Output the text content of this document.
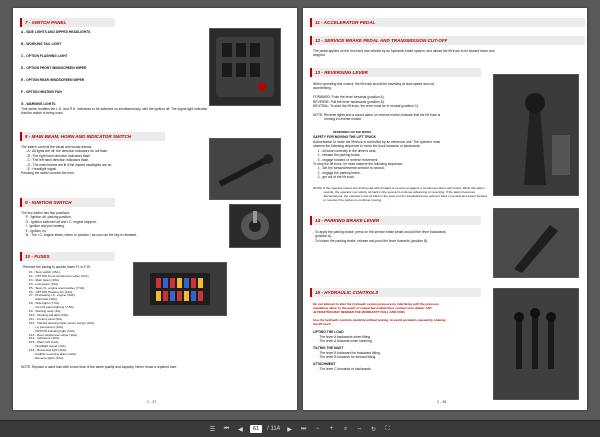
7 - SWITCH PANEL
A - SIDE LIGHTS AND DIPPED HEADLIGHTS
B - WORKING TAIL LIGHT
C - OPTION FLASHING LIGHT
D - OPTION FRONT WINDSCREEN WIPER
E - OPTION REAR WINDSCREEN WIPER
F - OPTION HEATING FAN
G - WARNING LIGHTS
This switch enables the L.H. and R.H. indicators to be switched on simultaneously, with the ignition off. The signal light indicates
that the switch is being used.
8 - MAIN BEAM, HORN AND INDICATOR SWITCH
The switch controls the visual and sound alarms.
- A : All lights are off, the direction indicators do not flash.
- B : The right hand direction indicators flash.
- C : The left hand direction indicators flash.
- D : The main beams are lit if the dipped headlights are on.
- E : Headlight signal.
Pressing the switch sounds the horn.
9 - IGNITION SWITCH
The key switch has five positions:
P - Ignition off, parking position.
O - Ignition switched off and I.C. engine stopped.
I - Ignition and pre-heating.
II - Ignition on.
III - The I.C. engine starts; return to position I as soon as the key is released.
10 - FUSES
- Remove the casing to access fuses F1 to F19.
F1 - Stop switch (15A).
F2 - OPTION Front windscreen wiper (10A).
F3 - Main beam (15A).
F4 - Low beam (15A).
F5 - Stop I.C. engine electrovalve (7.5A).
F6 - OPTION Heating fan (10A).
F7 - Preheating I.C. engine (30A).
- Alternator (20A).
F8 - Side lights (7.5A).
- Control panel lighting (7.5A).
F9 - Starting relay (3A).
F10 - Working tail light (10A).
F11 - Control panel (5A).
F12 - Hazard warning lights power supply (10A).
- (+) permanent (10A).
- OPTION Flashing light (10A).
F13 - Rear windscreen wiper (10A).
F14 - Indicators (10A).
F15 - Warn bell (10A).
- Headlight signal (10A).
F16 - Reversing light (10A).
- Audible reversing alarm (10A).
- Reverse lights (10A).
NOTE: Replace a used fuse with a new fuse of the same quality and capacity. Never reuse a repaired fuse.
2 - 37
11 - ACCELERATOR PEDAL
12 - SERVICE BRAKE PEDAL AND TRANSMISSION CUT-OFF
The pedal applies on the front and rear wheels by an hydraulic brake system, and allows the lift truck to be slowed down and
stopped.
13 - REVERSING LEVER
When operating this control, the lift truck should be travelling at slow speed and not
accelerating.

FORWARD: Push the lever forwards (position A).
REVERSE: Pull the lever backwards (position B).
NEUTRAL: To start the lift truck, the lever must be in neutral (position C).

NOTE: Reverse lights and a sound alarm on reverse motion indicate that the lift truck is
running in reverse motion.
DEPENDING ON THE MODEL
SAFETY FOR MOVING THE LIFT TRUCK
Authorisation to move the lift truck is controlled by an electronic unit. The operator must
observe the following sequence to move the truck forwards or backwards:
1 - sit down correctly in the driver's seat,
2 - release the parking brake,
3 - engage forward or reverse movement.
To stop the lift truck, he must observe the following sequence:
1 - Set the forward/reverse selector to neutral,
2 - engage the parking brake,
3 - get out of the lift truck.
NOTE: If the operator leaves the driving cab with forward or reverse engaged, a continuous alarm will sound. While this alarm
sounds, the operator can simply sit back in the seat and continue advancing or reversing. If the alarm becomes
discontinuous, the operator must sit back in the seat, put the forward/reverse selector back in neutral and select forward
or reverse if he wishes to continue moving.
14 - PARKING BRAKE LEVER
- To apply the parking brake, press on the service brake pedal and pull the lever backwards
(position A).
- To loosen the parking brake, release and push the lever forwards (position B).
15 - HYDRAULIC CONTROLS
Do not attempt to alter the hydraulic system pressure by interfering with the pressure
regulating valve. In the event of suspected malfunction, contact your dealer. ANY
ALTERATION MAY RENDER THE WARRANTY NULL AND VOID.
Use the hydraulic controls carefully without jerking, to avoid accidents caused by shaking
the lift truck.
LIFTING THE LOAD
- The lever A backwards when lifting.
- The lever A forwards when lowering.
TILTING THE MAST
- The lever B backward for backward tilting.
- The lever B forwards for forward tilting.
ATTACHMENT
- The lever C forwards or backwards.
2 - 38
☰	⏮	◀	61	/ 114	▶	⏭	−	+	⌕	⇔	↻	⛶
